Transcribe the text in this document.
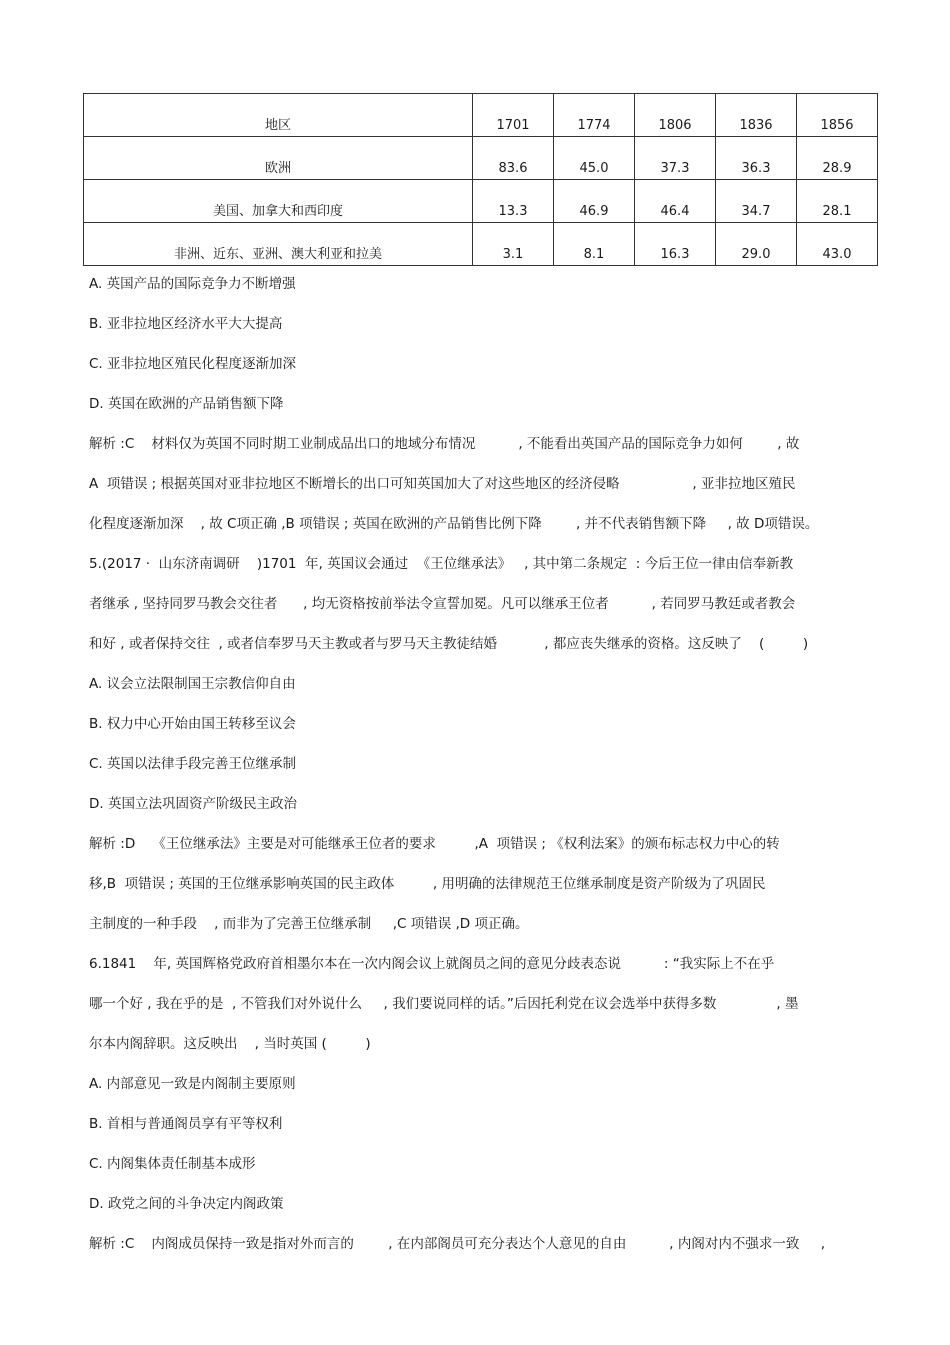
地区	1701	1774	1806	1836	1856
欧洲	83.6	45.0	37.3	36.3	28.9
美国、加拿大和西印度	13.3	46.9	46.4	34.7	28.1
非洲、近东、亚洲、澳大利亚和拉美	3.1	8.1	16.3	29.0	43.0
A. 英国产品的国际竞争力不断增强
B. 亚非拉地区经济水平大大提高
C. 亚非拉地区殖民化程度逐渐加深
D. 英国在欧洲的产品销售额下降
解析 :C    材料仅为英国不同时期工业制成品出口的地域分布情况          , 不能看出英国产品的国际竞争力如何        , 故
A  项错误 ; 根据英国对亚非拉地区不断增长的出口可知英国加大了对这些地区的经济侵略                 , 亚非拉地区殖民
化程度逐渐加深    , 故 C项正确 ,B 项错误 ; 英国在欧洲的产品销售比例下降        , 并不代表销售额下降     , 故 D项错误。
5.(2017 ·  山东济南调研    )1701  年, 英国议会通过  《王位继承法》   , 其中第二条规定  : 今后王位一律由信奉新教
者继承 , 坚持同罗马教会交往者      , 均无资格按前举法令宣誓加冕。凡可以继承王位者          , 若同罗马教廷或者教会
和好 , 或者保持交往  , 或者信奉罗马天主教或者与罗马天主教徒结婚           , 都应丧失继承的资格。这反映了    (         )
A. 议会立法限制国王宗教信仰自由
B. 权力中心开始由国王转移至议会
C. 英国以法律手段完善王位继承制
D. 英国立法巩固资产阶级民主政治
解析 :D    《王位继承法》主要是对可能继承王位者的要求         ,A  项错误 ; 《权利法案》的颁布标志权力中心的转
移,B  项错误 ; 英国的王位继承影响英国的民主政体         , 用明确的法律规范王位继承制度是资产阶级为了巩固民
主制度的一种手段    , 而非为了完善王位继承制     ,C 项错误 ,D 项正确。
6.1841    年, 英国辉格党政府首相墨尔本在一次内阁会议上就阁员之间的意见分歧表态说          : “我实际上不在乎
哪一个好 , 我在乎的是  , 不管我们对外说什么     , 我们要说同样的话。”后因托利党在议会选举中获得多数              , 墨
尔本内阁辞职。这反映出    , 当时英国 (         )
A. 内部意见一致是内阁制主要原则
B. 首相与普通阁员享有平等权利
C. 内阁集体责任制基本成形
D. 政党之间的斗争决定内阁政策
解析 :C    内阁成员保持一致是指对外而言的        , 在内部阁员可充分表达个人意见的自由          , 内阁对内不强求一致     ,
